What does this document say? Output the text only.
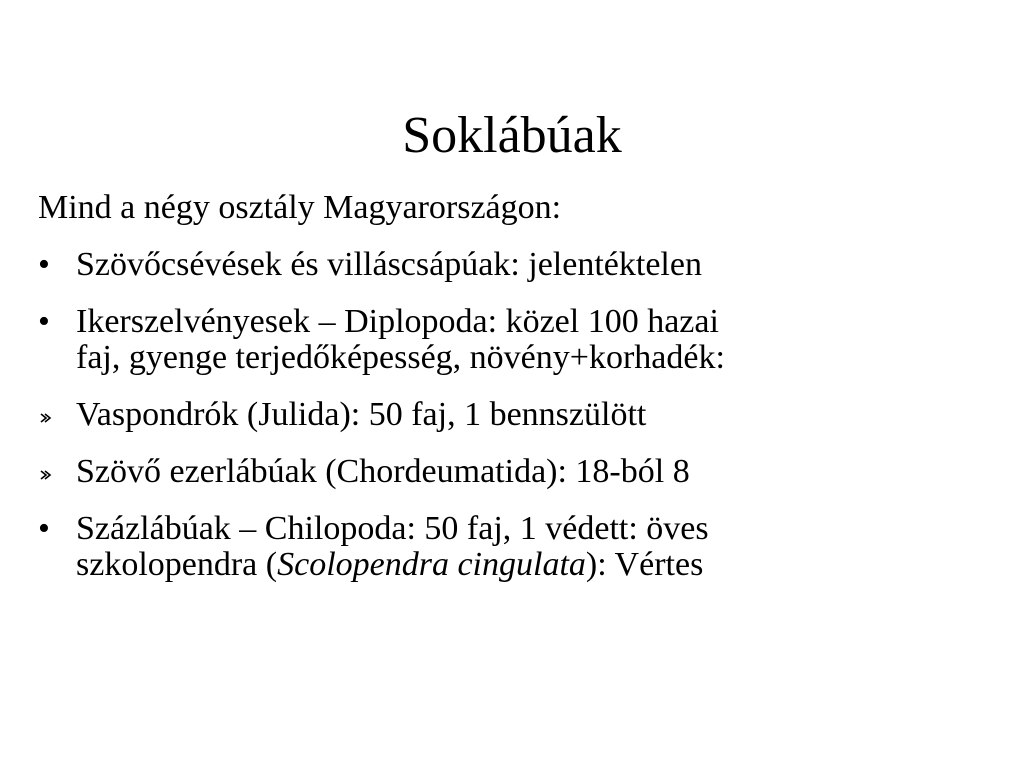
Soklábúak
Mind a négy osztály Magyarországon:
• Szövőcsévések és villáscsápúak: jelentéktelen
• Ikerszelvényesek – Diplopoda: közel 100 hazai
faj, gyenge terjedőképesség, növény+korhadék:
Vaspondrók (Julida): 50 faj, 1 bennszülött
Szövő ezerlábúak (Chordeumatida): 18-ból 8
• Százlábúak – Chilopoda: 50 faj, 1 védett: öves
szkolopendra (Scolopendra cingulata): Vértes
